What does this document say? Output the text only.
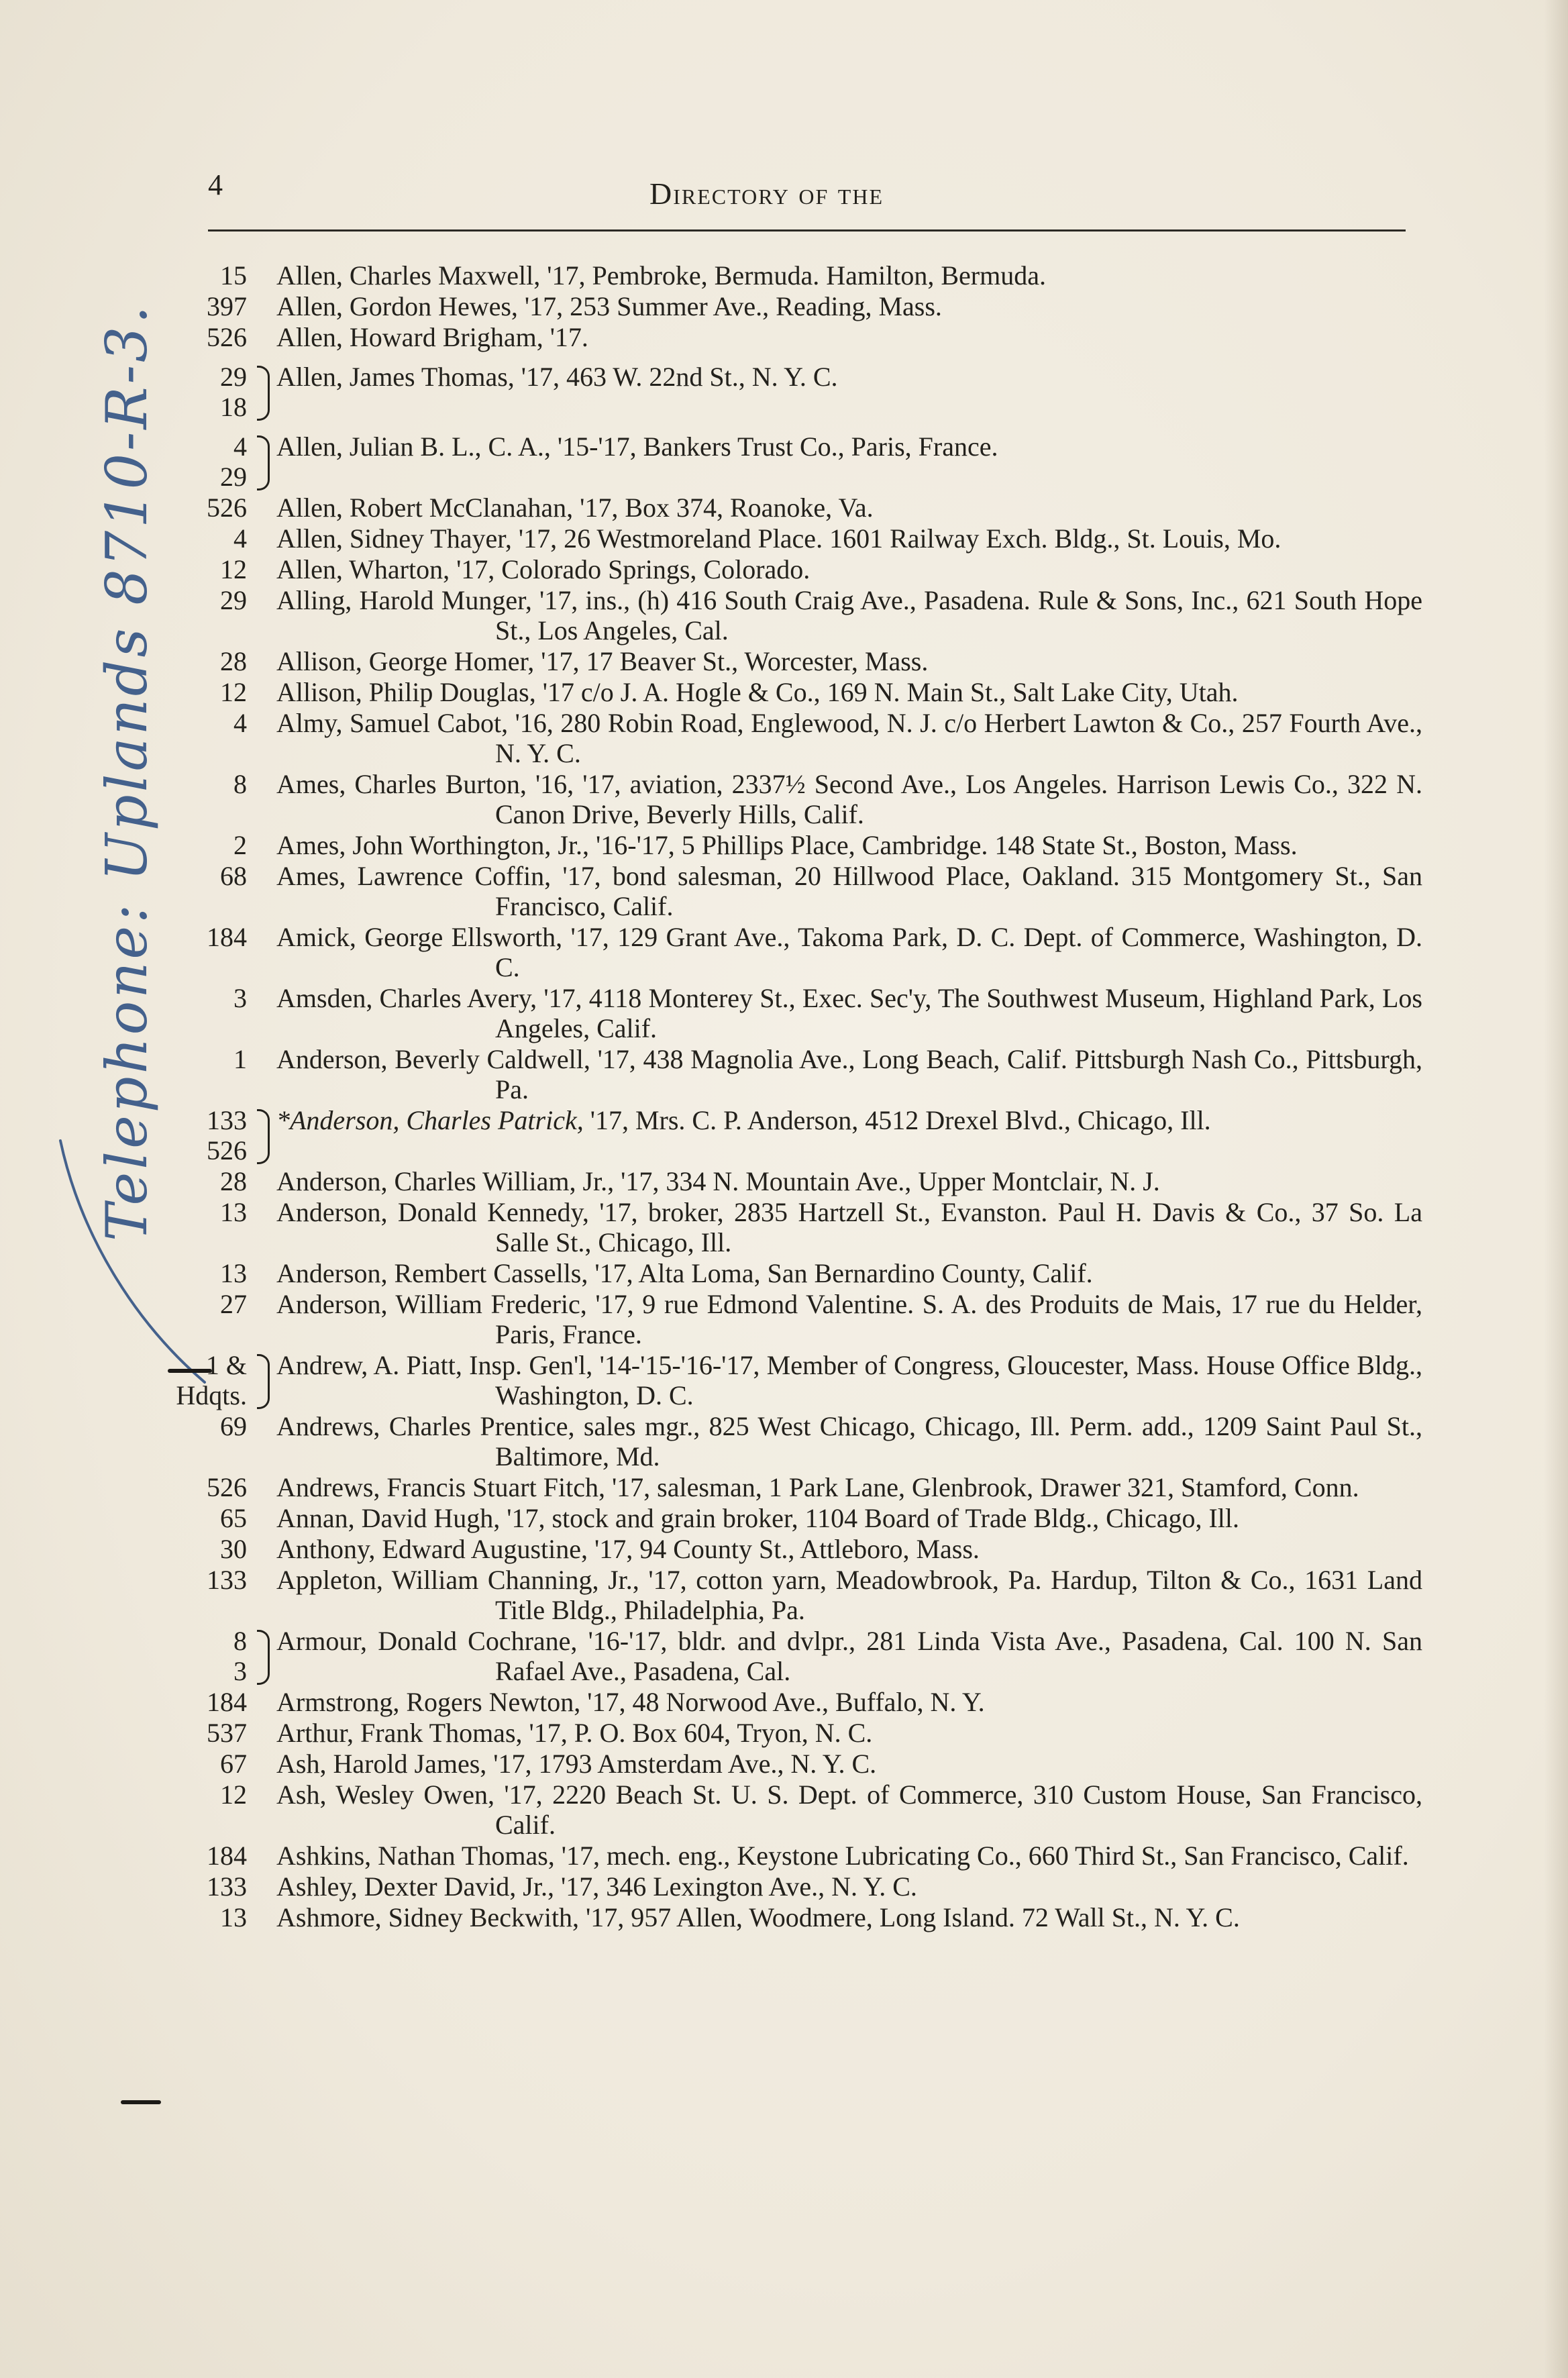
4	Directory of the
Telephone: Uplands 8710-R-3.
15 Allen, Charles Maxwell, '17, Pembroke, Bermuda. Hamilton, Bermuda.
397 Allen, Gordon Hewes, '17, 253 Summer Ave., Reading, Mass.
526 Allen, Howard Brigham, '17.
29
18
Allen, James Thomas, '17, 463 W. 22nd St., N. Y. C.
4
29
Allen, Julian B. L., C. A., '15-'17, Bankers Trust Co., Paris, France.
526 Allen, Robert McClanahan, '17, Box 374, Roanoke, Va.
4 Allen, Sidney Thayer, '17, 26 Westmoreland Place. 1601 Railway Exch. Bldg., St. Louis, Mo.
12 Allen, Wharton, '17, Colorado Springs, Colorado.
29 Alling, Harold Munger, '17, ins., (h) 416 South Craig Ave., Pasadena. Rule & Sons, Inc., 621 South Hope St., Los Angeles, Cal.
28 Allison, George Homer, '17, 17 Beaver St., Worcester, Mass.
12 Allison, Philip Douglas, '17 c/o J. A. Hogle & Co., 169 N. Main St., Salt Lake City, Utah.
4 Almy, Samuel Cabot, '16, 280 Robin Road, Englewood, N. J. c/o Herbert Lawton & Co., 257 Fourth Ave., N. Y. C.
8 Ames, Charles Burton, '16, '17, aviation, 2337½ Second Ave., Los Angeles. Harrison Lewis Co., 322 N. Canon Drive, Beverly Hills, Calif.
2 Ames, John Worthington, Jr., '16-'17, 5 Phillips Place, Cambridge. 148 State St., Boston, Mass.
68 Ames, Lawrence Coffin, '17, bond salesman, 20 Hillwood Place, Oakland. 315 Montgomery St., San Francisco, Calif.
184 Amick, George Ellsworth, '17, 129 Grant Ave., Takoma Park, D. C. Dept. of Commerce, Washington, D. C.
3 Amsden, Charles Avery, '17, 4118 Monterey St., Exec. Sec'y, The Southwest Museum, Highland Park, Los Angeles, Calif.
1 Anderson, Beverly Caldwell, '17, 438 Magnolia Ave., Long Beach, Calif. Pittsburgh Nash Co., Pittsburgh, Pa.
133
526
*Anderson, Charles Patrick, '17, Mrs. C. P. Anderson, 4512 Drexel Blvd., Chicago, Ill.
28 Anderson, Charles William, Jr., '17, 334 N. Mountain Ave., Upper Montclair, N. J.
13 Anderson, Donald Kennedy, '17, broker, 2835 Hartzell St., Evanston. Paul H. Davis & Co., 37 So. La Salle St., Chicago, Ill.
13 Anderson, Rembert Cassells, '17, Alta Loma, San Bernardino County, Calif.
27 Anderson, William Frederic, '17, 9 rue Edmond Valentine. S. A. des Produits de Mais, 17 rue du Helder, Paris, France.
1 &
Hdqts.
Andrew, A. Piatt, Insp. Gen'l, '14-'15-'16-'17, Member of Congress, Gloucester, Mass. House Office Bldg., Washington, D. C.
69 Andrews, Charles Prentice, sales mgr., 825 West Chicago, Chicago, Ill. Perm. add., 1209 Saint Paul St., Baltimore, Md.
526 Andrews, Francis Stuart Fitch, '17, salesman, 1 Park Lane, Glenbrook, Drawer 321, Stamford, Conn.
65 Annan, David Hugh, '17, stock and grain broker, 1104 Board of Trade Bldg., Chicago, Ill.
30 Anthony, Edward Augustine, '17, 94 County St., Attleboro, Mass.
133 Appleton, William Channing, Jr., '17, cotton yarn, Meadowbrook, Pa. Hardup, Tilton & Co., 1631 Land Title Bldg., Philadelphia, Pa.
8
3
Armour, Donald Cochrane, '16-'17, bldr. and dvlpr., 281 Linda Vista Ave., Pasadena, Cal. 100 N. San Rafael Ave., Pasadena, Cal.
184 Armstrong, Rogers Newton, '17, 48 Norwood Ave., Buffalo, N. Y.
537 Arthur, Frank Thomas, '17, P. O. Box 604, Tryon, N. C.
67 Ash, Harold James, '17, 1793 Amsterdam Ave., N. Y. C.
12 Ash, Wesley Owen, '17, 2220 Beach St. U. S. Dept. of Commerce, 310 Custom House, San Francisco, Calif.
184 Ashkins, Nathan Thomas, '17, mech. eng., Keystone Lubricating Co., 660 Third St., San Francisco, Calif.
133 Ashley, Dexter David, Jr., '17, 346 Lexington Ave., N. Y. C.
13 Ashmore, Sidney Beckwith, '17, 957 Allen, Woodmere, Long Island. 72 Wall St., N. Y. C.
